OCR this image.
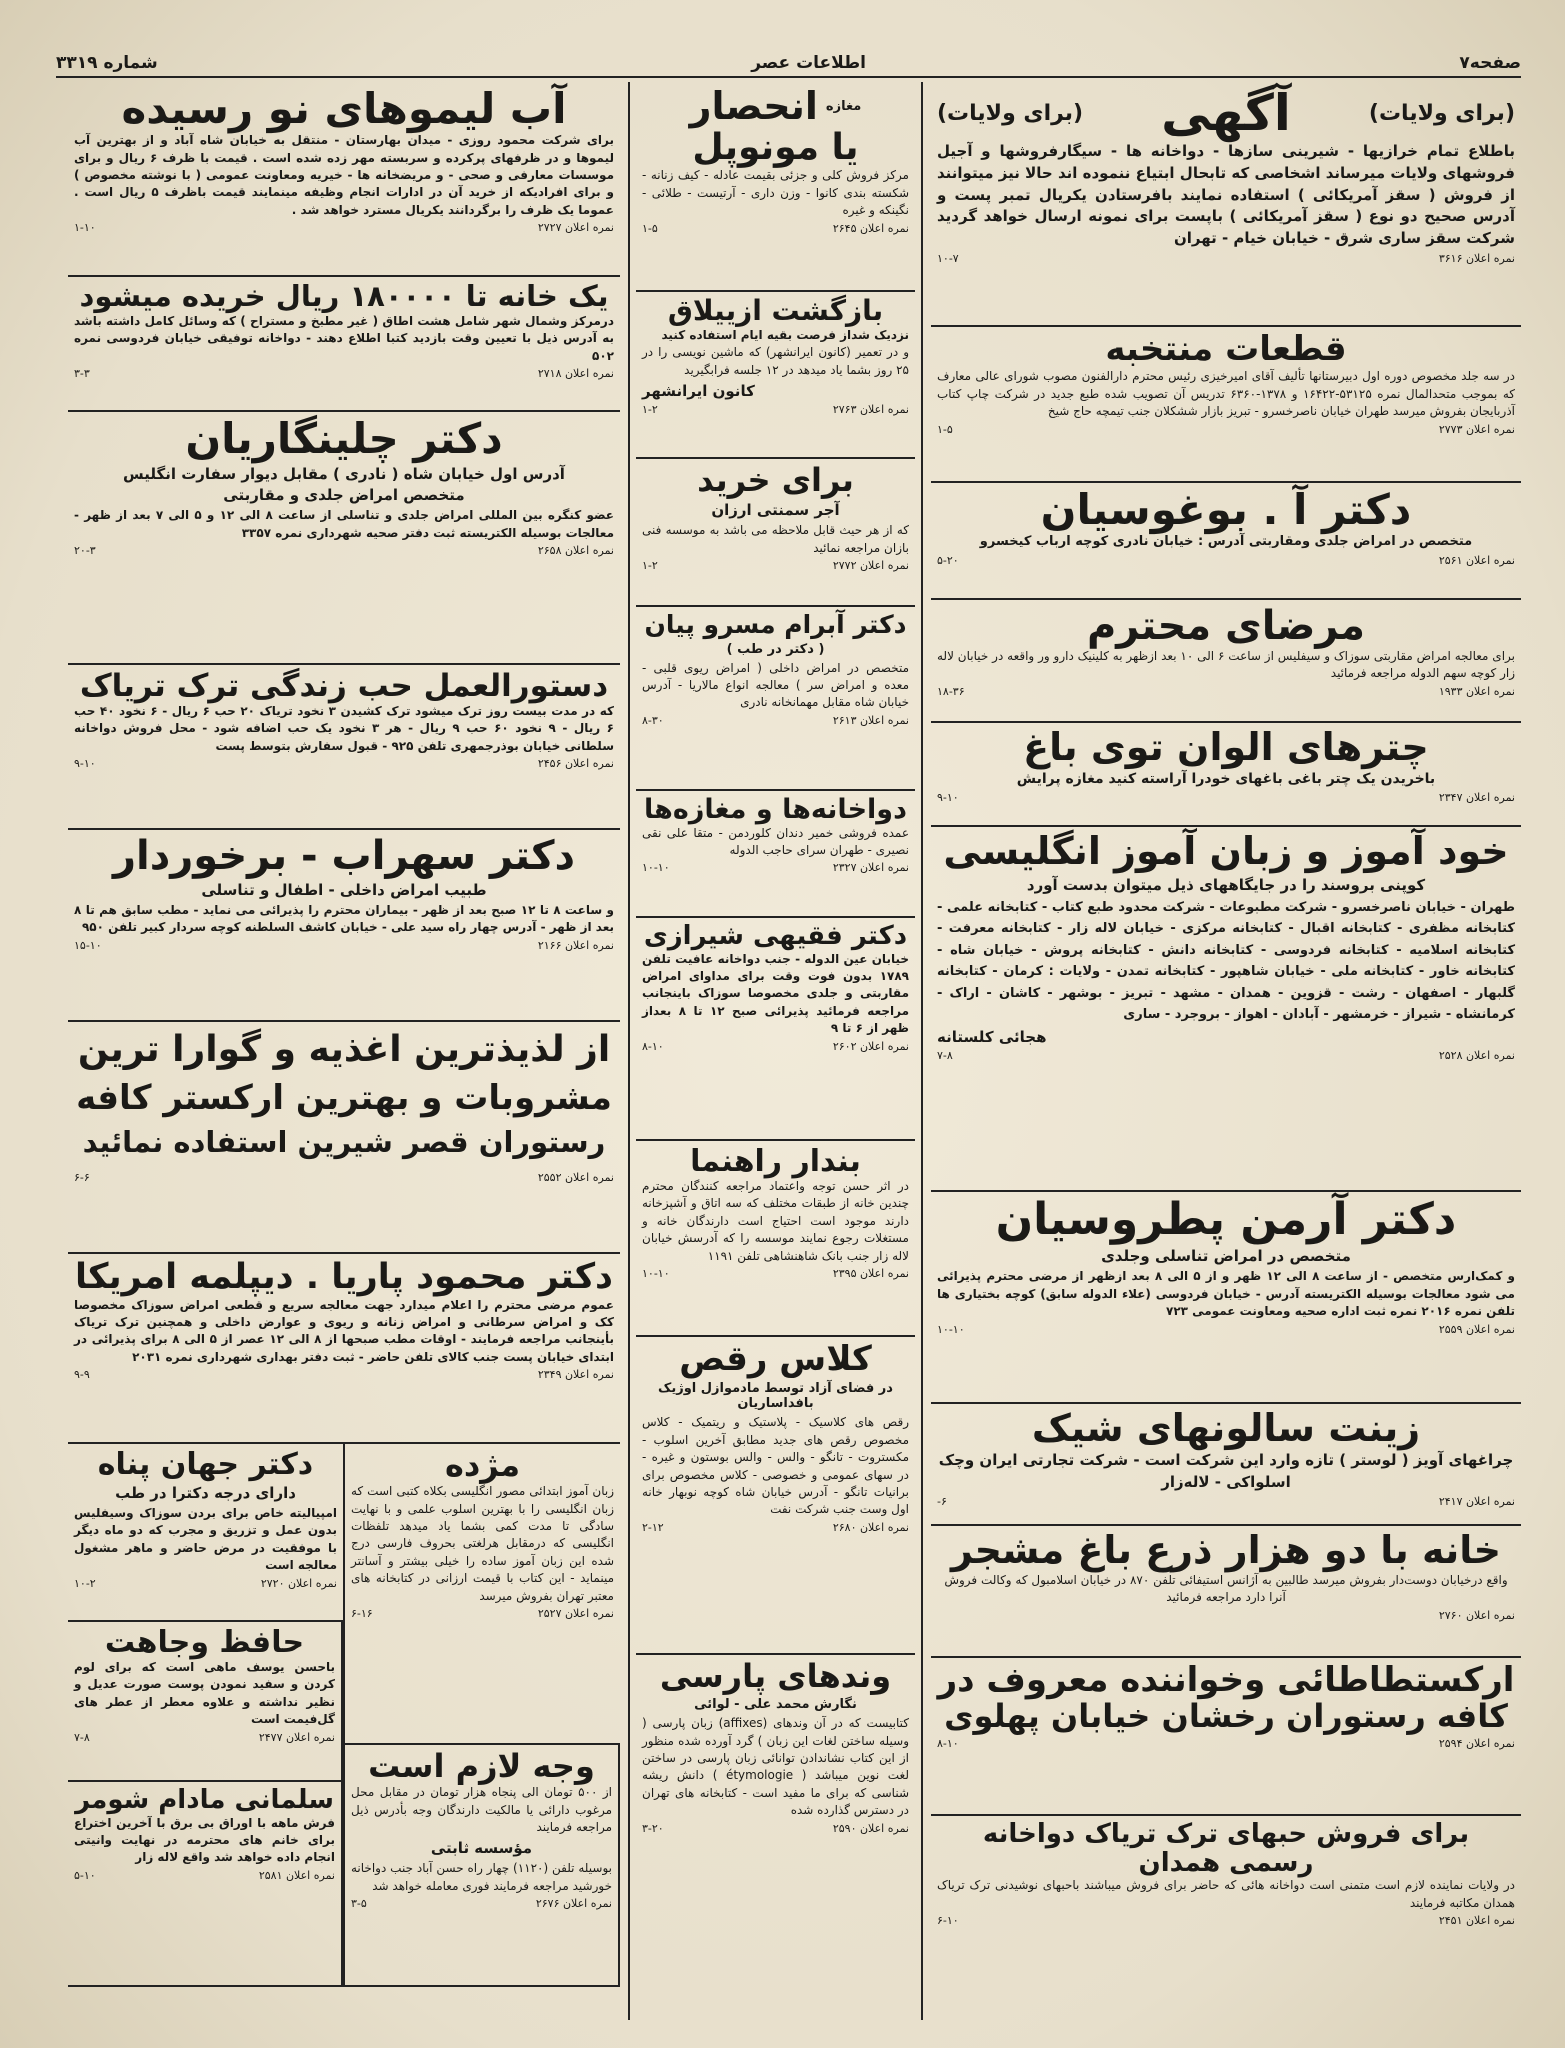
صفحه۷
اطلاعات عصر
شماره ۳۳۱۹
(برای ولایات)
آگهی
(برای ولایات)
باطلاع تمام خرازیها - شیرینی سازها - دواخانه ها - سیگارفروشها و آجیل فروشهای ولایات میرساند اشخاصی که تابحال ابتیاع ننموده اند حالا نیز میتوانند از فروش ( سقز آمریکائی ) استفاده نمایند بافرستادن یکریال تمبر پست و آدرس صحیح دو نوع ( سقز آمریکائی ) باپست برای نمونه ارسال خواهد گردید شرکت سقز ساری شرق - خیابان خیام - تهران
نمره اعلان ۳۶۱۶
۱۰-۷
قطعات منتخبه
در سه جلد مخصوص دوره اول دبیرستانها تألیف آقای امیرخیزی رئیس محترم دارالفنون مصوب شورای عالی معارف که بموجب متحدالمال نمره ۵۳۱۲۵-۱۶۴۲۲ و ۱۳۷۸-۶۳۶۰ تدریس آن تصویب شده طبع جدید در شرکت چاپ کتاب آذربایجان بفروش میرسد طهران خیابان ناصرخسرو - تبریز بازار ششکلان جنب تیمچه حاج شیخ
نمره اعلان ۲۷۷۳
۱-۵
دکتر آ . بوغوسیان
متخصص در امراض جلدی ومقاربتی آدرس : خیابان نادری کوچه ارباب کیخسرو
نمره اعلان ۲۵۶۱
۵-۲۰
مرضای محترم
برای معالجه امراض مقاربتی سوزاک و سیفلیس از ساعت ۶ الی ۱۰ بعد ازظهر به کلینیک دارو ور واقعه در خیابان لاله زار کوچه سهم الدوله مراجعه فرمائید
نمره اعلان ۱۹۳۳
۱۸-۳۶
چترهای الوان توی باغ
باخریدن یک چتر باغی باغهای خودرا آراسته کنید مغازه پرایش
نمره اعلان ۲۳۴۷
۹-۱۰
خود آموز و زبان آموز انگلیسی
کوپنی بروسند را در جایگاههای ذیل میتوان بدست آورد
طهران - خیابان ناصرخسرو - شرکت مطبوعات - شرکت محدود طبع کتاب - کتابخانه علمی - کتابخانه مظفری - کتابخانه اقبال - کتابخانه مرکزی - خیابان لاله زار - کتابخانه معرفت - کتابخانه اسلامیه - کتابخانه فردوسی - کتابخانه دانش - کتابخانه پروش - خیابان شاه - کتابخانه خاور - کتابخانه ملی - خیابان شاهپور - کتابخانه تمدن - ولایات : کرمان - کتابخانه گلبهار - اصفهان - رشت - قزوین - همدان - مشهد - تبریز - بوشهر - کاشان - اراک - کرمانشاه - شیراز - خرمشهر - آبادان - اهواز - بروجرد - ساری
هجائی کلستانه
نمره اعلان ۲۵۲۸
۷-۸
دکتر آرمن پطروسیان
متخصص در امراض تناسلی وجلدی
و کمک‌ارس متخصص - از ساعت ۸ الی ۱۲ ظهر و از ۵ الی ۸ بعد ازظهر از مرضی محترم پذیرائی می شود معالجات بوسیله الکتریسته آدرس - خیابان فردوسی (علاء الدوله سابق) کوچه بختیاری ها تلفن نمره ۲۰۱۶ نمره ثبت اداره صحیه ومعاونت عمومی ۷۲۳
نمره اعلان ۲۵۵۹
۱۰-۱۰
زینت سالونهای شیک
چراغهای آویز ( لوستر ) تازه وارد این شرکت است - شرکت تجارتی ایران وچک اسلواکی - لاله‌زار
نمره اعلان ۲۴۱۷
۶-
خانه با دو هزار ذرع باغ مشجر
واقع درخیابان دوست‌دار بفروش میرسد طالبین به آژانس استیفائی تلفن ۸۷۰ در خیابان اسلامبول که وکالت فروش آنرا دارد مراجعه فرمائید
نمره اعلان ۲۷۶۰
ارکستطاطائی وخواننده معروف در
کافه رستوران رخشان خیابان پهلوی
نمره اعلان ۲۵۹۴
۸-۱۰
برای فروش حبهای ترک تریاک دواخانه رسمی همدان
در ولایات نماینده لازم است متمنی است دواخانه هائی که حاضر برای فروش میباشند باحبهای نوشیدنی ترک تریاک همدان مکاتبه فرمایند
نمره اعلان ۲۴۵۱
۶-۱۰
مغازه
انحصار
یا مونوپل
مرکز فروش کلی و جزئی بقیمت عادله - کیف زنانه - شکسته بندی کانوا - وزن داری - آرتیست - طلائی - نگینکه و غیره
نمره اعلان ۲۶۴۵
۱-۵
بازگشت ازییلاق
نزدیک شداز فرصت بقیه ایام استفاده کنید
و در تعمیر (کانون ایرانشهر) که ماشین نویسی را در ۲۵ روز بشما یاد میدهد در ۱۲ جلسه فرابگیرید
کانون ایرانشهر
نمره اعلان ۲۷۶۳
۱-۲
برای خرید
آجر سمنتی ارزان
که از هر حیث قابل ملاحظه می باشد به موسسه فنی بازان مراجعه نمائید
نمره اعلان ۲۷۷۲
۱-۲
دکتر آبرام مسرو پیان
( دکتر در طب )
متخصص در امراض داخلی ( امراض ریوی قلبی - معده و امراض سر ) معالجه انواع مالاریا - آدرس خیابان شاه مقابل مهمانخانه نادری
نمره اعلان ۲۶۱۳
۸-۳۰
دواخانه‌ها و مغازه‌ها
عمده فروشی خمیر دندان کلوردمن - متقا علی نقی نصیری - طهران سرای حاجب الدوله
نمره اعلان ۲۳۲۷
۱۰-۱۰
دکتر فقیهی شیرازی
خیابان عین الدوله - جنب دواخانه عافیت تلفن ۱۷۸۹ بدون فوت وقت برای مداوای امراض مقاربتی و جلدی مخصوصا سوزاک باینجانب مراجعه فرمائید پذیرائی صبح ۱۲ تا ۸ بعداز ظهر از ۶ تا ۹
نمره اعلان ۲۶۰۲
۸-۱۰
بندار راهنما
در اثر حسن توجه واعتماد مراجعه کنندگان محترم چندین خانه از طبقات مختلف که سه اتاق و آشپزخانه دارند موجود است احتیاج است دارندگان خانه و مستغلات رجوع نمایند موسسه را که آدرسش خیابان لاله زار جنب بانک شاهنشاهی تلفن ۱۱۹۱
نمره اعلان ۲۳۹۵
۱۰-۱۰
کلاس رقص
در فضای آزاد توسط مادموازل اوژیک بافداساریان
رقص های کلاسیک - پلاستیک و ریتمیک - کلاس مخصوص رقص های جدید مطابق آخرین اسلوب - مکستروت - تانگو - والس - والس بوستون و غیره - در سهای عمومی و خصوصی - کلاس مخصوص برای برانیات تانگو - آدرس خیابان شاه کوچه نوبهار خانه اول وست جنب شرکت نفت
نمره اعلان ۲۶۸۰
۲-۱۲
وندهای پارسی
نگارش محمد علی - لوائی
کتابیست که در آن وندهای (affixes) زبان پارسی ( وسیله ساختن لغات این زبان ) گرد آورده شده منظور از این کتاب نشاندادن توانائی زبان پارسی در ساختن لغت نوین میباشد ( étymologie ) دانش ریشه شناسی که برای ما مفید است - کتابخانه های تهران در دسترس گذارده شده
نمره اعلان ۲۵۹۰
۳-۲۰
آب لیموهای نو رسیده
برای شرکت محمود روزی - میدان بهارستان - منتقل به خیابان شاه آباد و از بهترین آب لیموها و در ظرفهای پرکرده و سربسته مهر زده شده است . قیمت با ظرف ۶ ریال و برای موسسات معارفی و صحی - و مریضخانه ها - خیریه ومعاونت عمومی ( با نوشته مخصوص ) و برای افرادیکه از خرید آن در ادارات انجام وظیفه مینمایند قیمت باظرف ۵ ریال است . عموما یک ظرف را برگردانند یکریال مسترد خواهد شد .
نمره اعلان ۲۷۲۷
۱-۱۰
یک خانه تا ۱۸۰۰۰۰ ریال خریده میشود
درمرکز وشمال شهر شامل هشت اطاق ( غیر مطبخ و مستراح ) که وسائل کامل داشته باشد به آدرس ذیل با تعیین وقت بازدید کتبا اطلاع دهند - دواخانه توفیقی خیابان فردوسی نمره ۵۰۲
نمره اعلان ۲۷۱۸
۳-۳
دکتر چلینگاریان
آدرس اول خیابان شاه ( نادری ) مقابل دیوار سفارت انگلیس
متخصص امراض جلدی و مقاربتی
عضو کنگره بین المللی امراض جلدی و تناسلی از ساعت ۸ الی ۱۲ و ۵ الی ۷ بعد از ظهر - معالجات بوسیله الکتریسته ثبت دفتر صحیه شهرداری نمره ۳۳۵۷
نمره اعلان ۲۶۵۸
۲۰-۳
دستورالعمل حب زندگی ترک تریاک
که در مدت بیست روز ترک میشود ترک کشیدن ۳ نخود تریاک ۲۰ حب ۶ ریال - ۶ نخود ۴۰ حب ۶ ریال - ۹ نخود ۶۰ حب ۹ ریال - هر ۳ نخود یک حب اضافه شود - محل فروش دواخانه سلطانی خیابان بوذرجمهری تلفن ۹۲۵ - قبول سفارش بتوسط پست
نمره اعلان ۲۴۵۶
۹-۱۰
دکتر سهراب - برخوردار
طبیب امراض داخلی - اطفال و تناسلی
و ساعت ۸ تا ۱۲ صبح بعد از ظهر - بیماران محترم را پذیرائی می نماید - مطب سابق هم تا ۸ بعد از ظهر - آدرس چهار راه سید علی - خیابان کاشف السلطنه کوچه سردار کبیر تلفن ۹۵۰
نمره اعلان ۲۱۶۶
۱۵-۱۰
از لذیذترین اغذیه و گوارا ترین
مشروبات و بهترین ارکستر کافه
رستوران قصر شیرین استفاده نمائید
نمره اعلان ۲۵۵۲
۶-۶
دکتر محمود پاریا . دیپلمه امریکا
عموم مرضی محترم را اعلام میدارد جهت معالجه سریع و قطعی امراض سوزاک مخصوصا کک و امراض سرطانی و امراض زنانه و ریوی و عوارض داخلی و همچنین ترک تریاک بأینجانب مراجعه فرمایند - اوقات مطب صبحها از ۸ الی ۱۲ عصر از ۵ الی ۸ برای پذیرائی در ابتدای خیابان پست جنب کالای تلفن حاضر - ثبت دفتر بهداری شهرداری نمره ۲۰۳۱
نمره اعلان ۲۳۴۹
۹-۹
مژده
زبان آموز ابتدائی مصور انگلیسی بکلاه کتبی است که زبان انگلیسی را با بهترین اسلوب علمی و با نهایت سادگی تا مدت کمی بشما یاد میدهد تلفظات انگلیسی که درمقابل هرلغتی بحروف فارسی درج شده این زبان آموز ساده را خیلی بیشتر و آسانتر مینماید - این کتاب با قیمت ارزانی در کتابخانه های معتبر تهران بفروش میرسد
نمره اعلان ۲۵۲۷
۶-۱۶
وجه لازم است
از ۵۰۰ تومان الی پنجاه هزار تومان در مقابل محل مرغوب دارائی یا مالکیت دارندگان وجه بأدرس ذیل مراجعه فرمایند
مؤسسه ثابتی
بوسیله تلفن (۱۱۲۰) چهار راه حسن آباد جنب دواخانه خورشید مراجعه فرمایند فوری معامله خواهد شد
نمره اعلان ۲۶۷۶
۳-۵
دکتر جهان پناه
دارای درجه دکترا در طب
امپیالیته خاص برای بردن سوزاک وسیفلیس بدون عمل و تزریق و مجرب که دو ماه دیگر با موفقیت در مرض حاضر و ماهر مشغول معالجه است
نمره اعلان ۲۷۲۰
۱۰-۲
حافظ وجاهت
باحسن یوسف ماهی است که برای لوم کردن و سفید نمودن پوست صورت عدیل و نظیر نداشته و علاوه معطر از عطر های گل‌فیمت است
نمره اعلان ۲۴۷۷
۷-۸
سلمانی مادام شومر
فرش ماهه با اوراق بی برق با آخرین اختراع برای خانم های محترمه در نهایت وانیتی انجام داده خواهد شد واقع لاله زار
نمره اعلان ۲۵۸۱
۵-۱۰
